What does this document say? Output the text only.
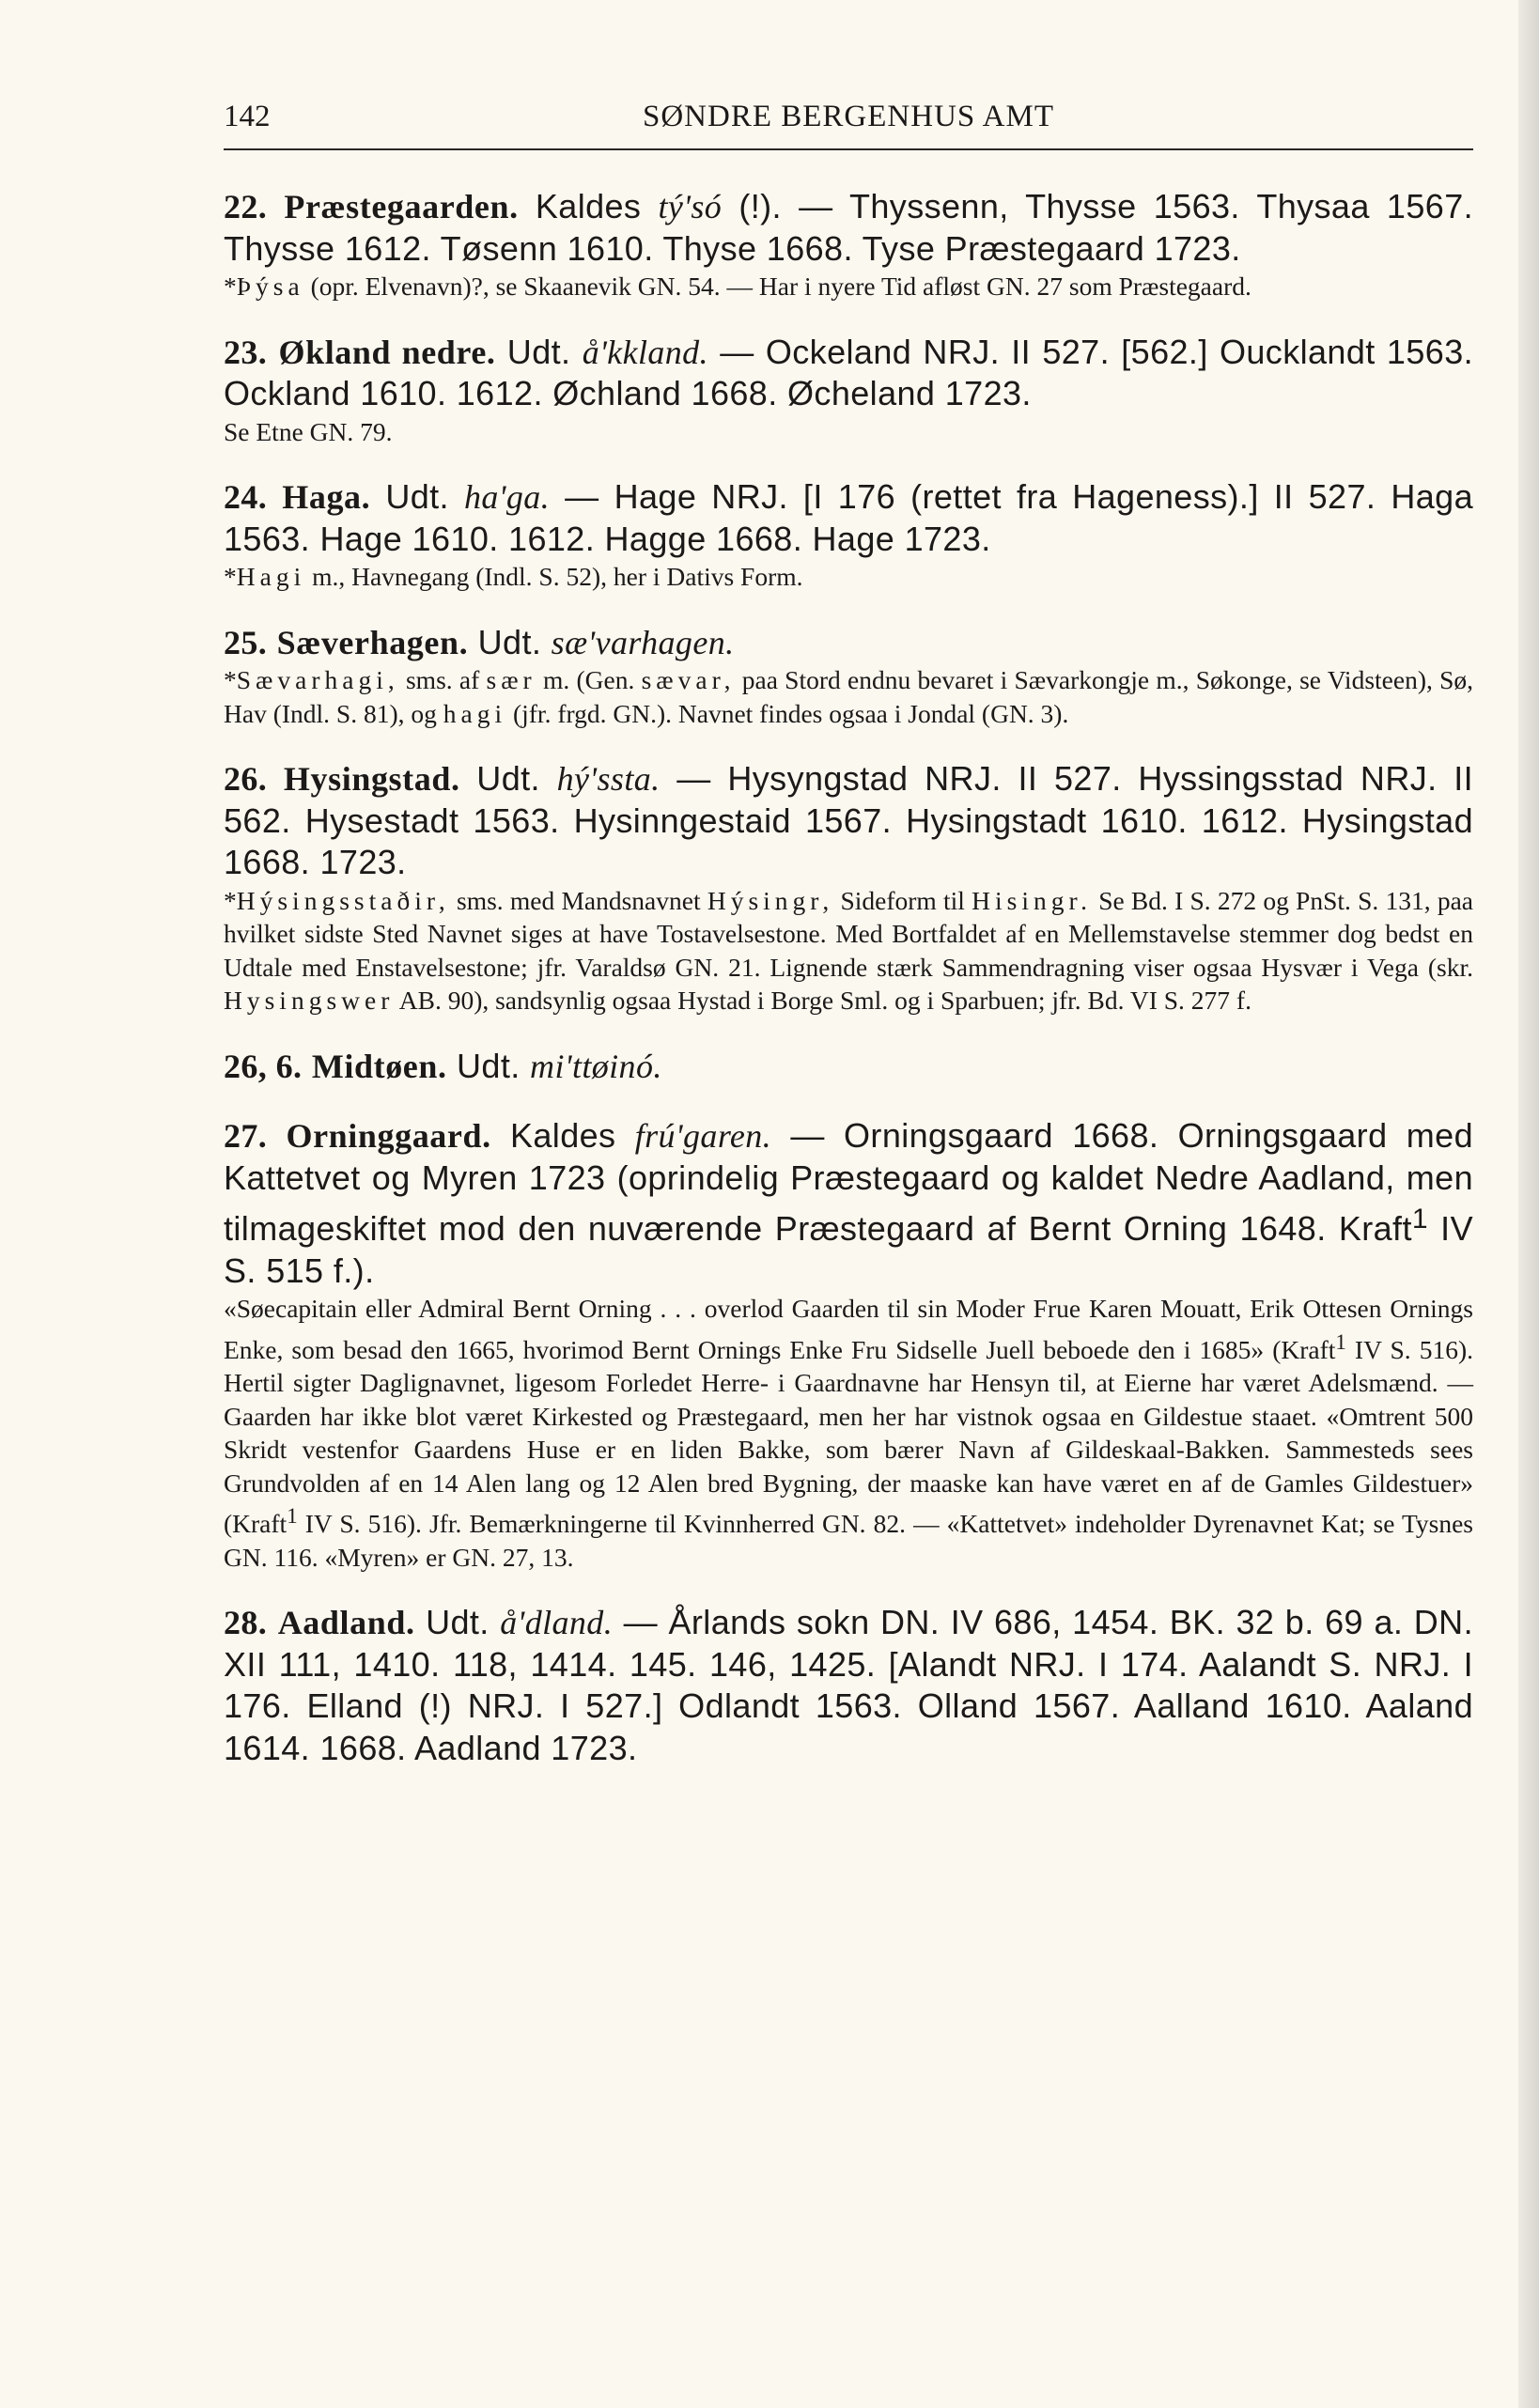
142	SØNDRE BERGENHUS AMT

22. Præstegaarden. Kaldes tý'só (!). — Thyssenn, Thysse 1563. Thysaa 1567. Thysse 1612. Tøsenn 1610. Thyse 1668. Tyse Præstegaard 1723.

*Þýsa (opr. Elvenavn)?, se Skaanevik GN. 54. — Har i nyere Tid afløst GN. 27 som Præstegaard.

23. Økland nedre. Udt. å'kkland. — Ockeland NRJ. II 527. [562.] Oucklandt 1563. Ockland 1610. 1612. Øchland 1668. Øcheland 1723.

Se Etne GN. 79.

24. Haga. Udt. ha'ga. — Hage NRJ. [I 176 (rettet fra Hageness).] II 527. Haga 1563. Hage 1610. 1612. Hagge 1668. Hage 1723.

*Hagi m., Havnegang (Indl. S. 52), her i Dativs Form.

25. Sæverhagen. Udt. sæ'varhagen.

*Sævarhagi, sms. af sær m. (Gen. sævar, paa Stord endnu bevaret i Sævarkongje m., Søkonge, se Vidsteen), Sø, Hav (Indl. S. 81), og hagi (jfr. frgd. GN.). Navnet findes ogsaa i Jondal (GN. 3).

26. Hysingstad. Udt. hý'ssta. — Hysyngstad NRJ. II 527. Hyssingsstad NRJ. II 562. Hysestadt 1563. Hysinngestaid 1567. Hysingstadt 1610. 1612. Hysingstad 1668. 1723.

*Hýsingsstaðir, sms. med Mandsnavnet Hýsingr, Sideform til Hisingr. Se Bd. I S. 272 og PnSt. S. 131, paa hvilket sidste Sted Navnet siges at have Tostavelsestone. Med Bortfaldet af en Mellemstavelse stemmer dog bedst en Udtale med Enstavelsestone; jfr. Varaldsø GN. 21. Lignende stærk Sammendragning viser ogsaa Hysvær i Vega (skr. Hysingswer AB. 90), sandsynlig ogsaa Hystad i Borge Sml. og i Sparbuen; jfr. Bd. VI S. 277 f.

26, 6. Midtøen. Udt. mi'ttøinó.

27. Orninggaard. Kaldes frú'garen. — Orningsgaard 1668. Orningsgaard med Kattetvet og Myren 1723 (oprindelig Præstegaard og kaldet Nedre Aadland, men tilmageskiftet mod den nuværende Præstegaard af Bernt Orning 1648. Kraft$^1$ IV S. 515 f.).

«Søecapitain eller Admiral Bernt Orning . . . overlod Gaarden til sin Moder Frue Karen Mouatt, Erik Ottesen Ornings Enke, som besad den 1665, hvorimod Bernt Ornings Enke Fru Sidselle Juell beboede den i 1685» (Kraft$^1$ IV S. 516). Hertil sigter Daglignavnet, ligesom Forledet Herre- i Gaardnavne har Hensyn til, at Eierne har været Adelsmænd. — Gaarden har ikke blot været Kirkested og Præstegaard, men her har vistnok ogsaa en Gildestue staaet. «Omtrent 500 Skridt vestenfor Gaardens Huse er en liden Bakke, som bærer Navn af Gildeskaal-Bakken. Sammesteds sees Grundvolden af en 14 Alen lang og 12 Alen bred Bygning, der maaske kan have været en af de Gamles Gildestuer» (Kraft$^1$ IV S. 516). Jfr. Bemærkningerne til Kvinnherred GN. 82. — «Kattetvet» indeholder Dyrenavnet Kat; se Tysnes GN. 116. «Myren» er GN. 27, 13.

28. Aadland. Udt. å'dland. — Årlands sokn DN. IV 686, 1454. BK. 32 b. 69 a. DN. XII 111, 1410. 118, 1414. 145. 146, 1425. [Alandt NRJ. I 174. Aalandt S. NRJ. I 176. Elland (!) NRJ. I 527.] Odlandt 1563. Olland 1567. Aalland 1610. Aaland 1614. 1668. Aadland 1723.
